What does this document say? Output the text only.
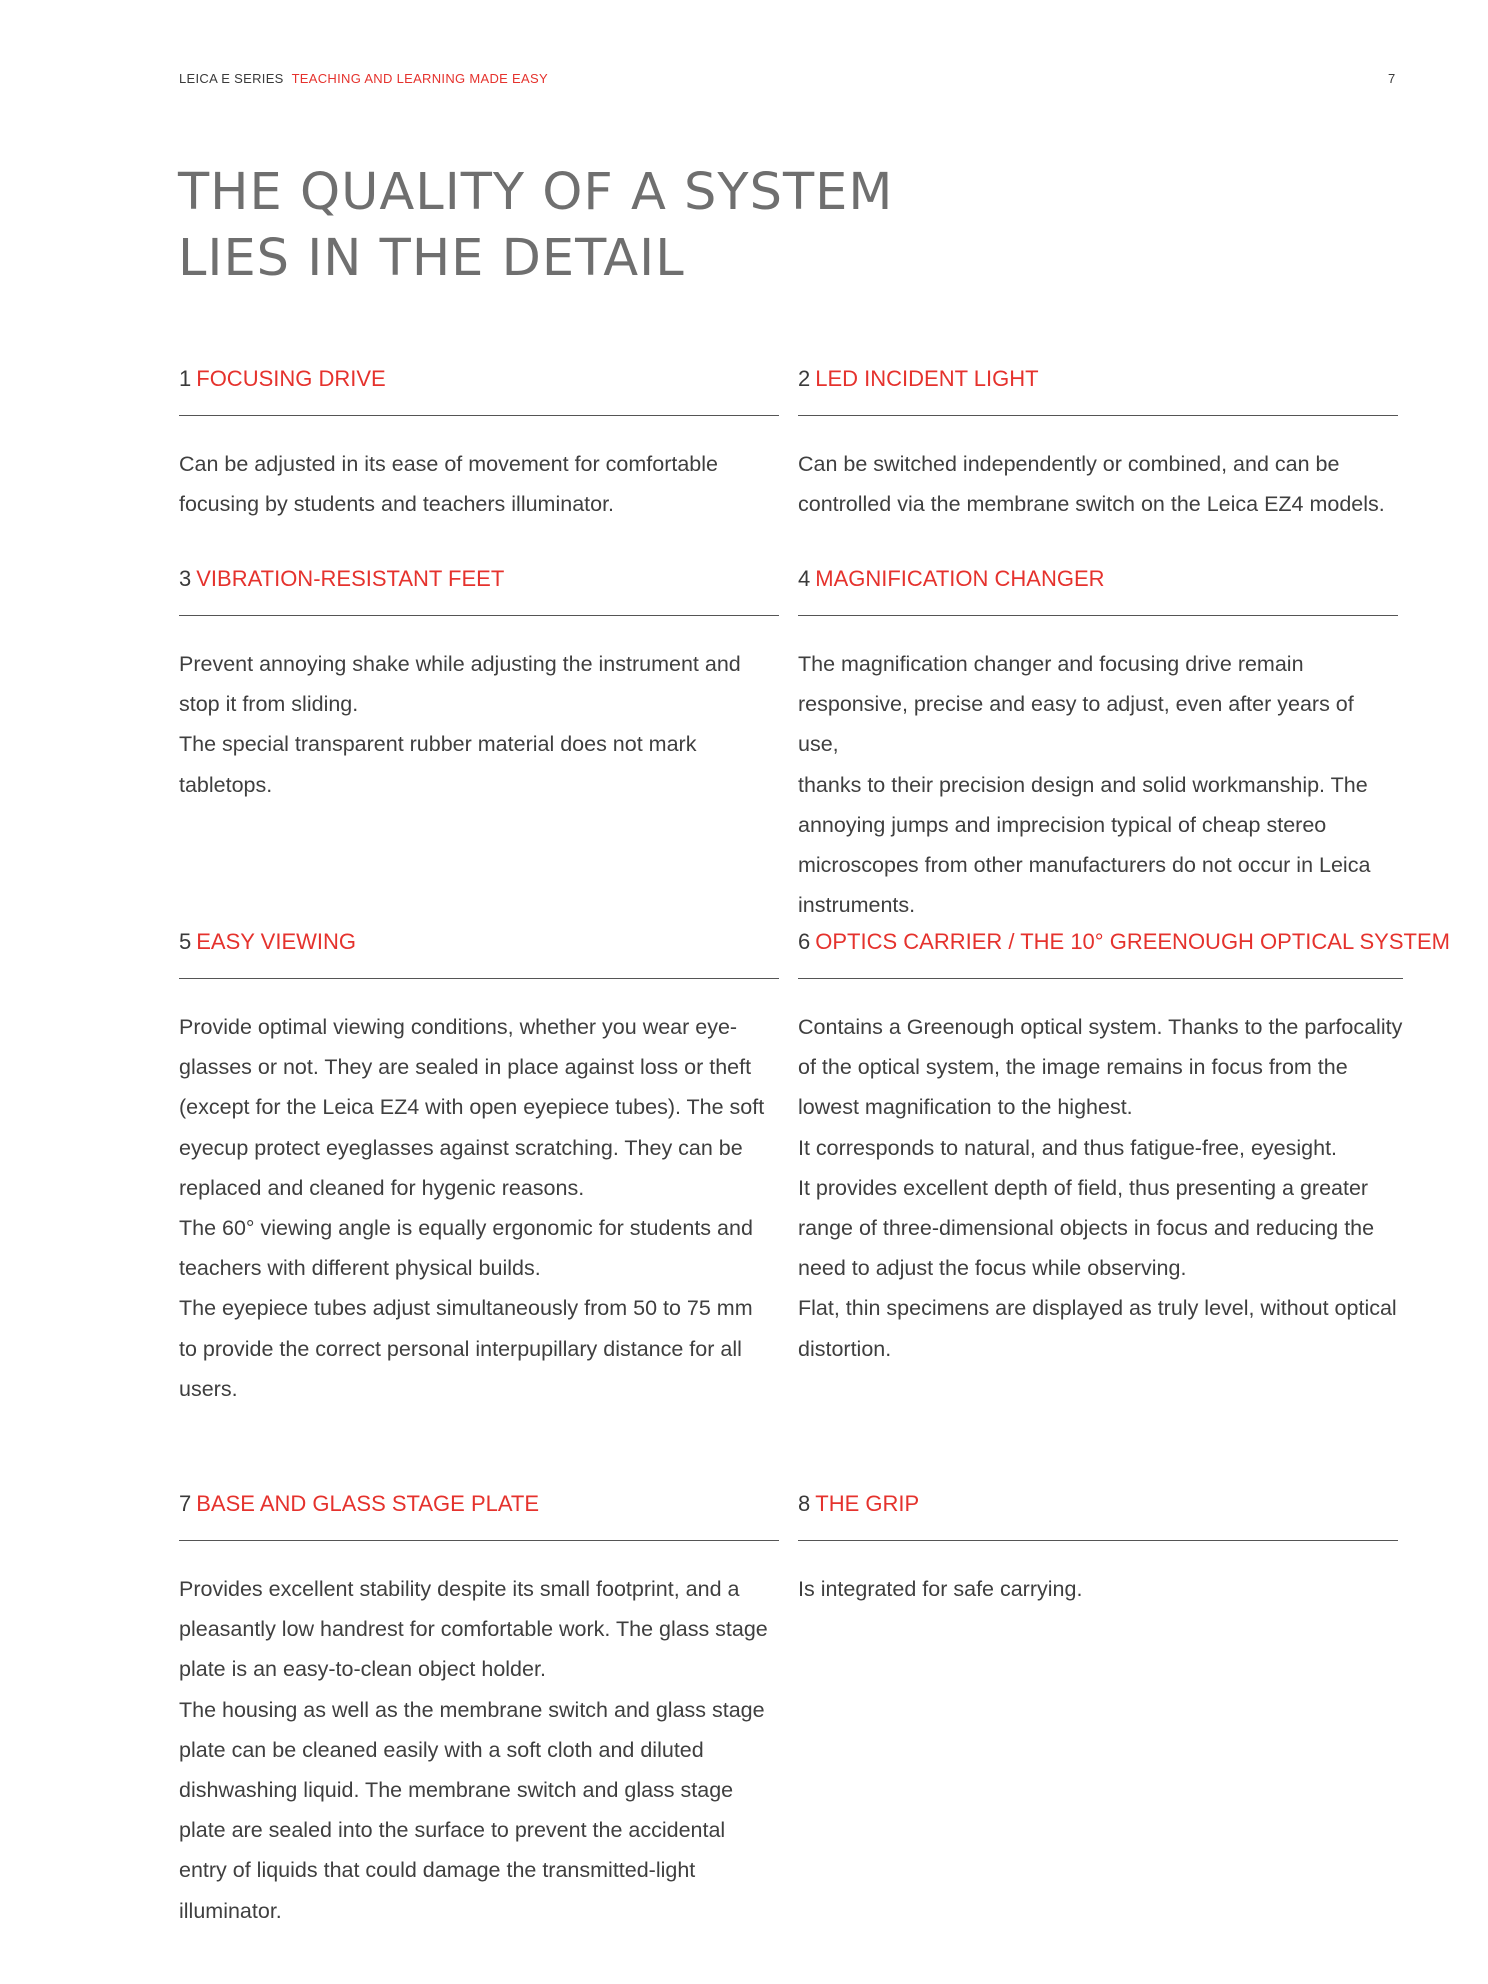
LEICA E SERIES TEACHING AND LEARNING MADE EASY	7
THE QUALITY OF A SYSTEM
LIES IN THE DETAIL
1 FOCUSING DRIVE

Can be adjusted in its ease of movement for comfortable

focusing by students and teachers illuminator.

2 LED INCIDENT LIGHT

Can be switched independently or combined, and can be

controlled via the membrane switch on the Leica EZ4 models.

3 VIBRATION-RESISTANT FEET

Prevent annoying shake while adjusting the instrument and

stop it from sliding.

The special transparent rubber material does not mark

tabletops.

4 MAGNIFICATION CHANGER

The magnification changer and focusing drive remain

responsive, precise and easy to adjust, even after years of use,

thanks to their precision design and solid workmanship. The

annoying jumps and imprecision typical of cheap stereo

microscopes from other manufacturers do not occur in Leica

instruments.

5 EASY VIEWING

Provide optimal viewing conditions, whether you wear eye-

glasses or not. They are sealed in place against loss or theft

(except for the Leica EZ4 with open eyepiece tubes). The soft

eyecup protect eyeglasses against scratching. They can be

replaced and cleaned for hygenic reasons.

The 60° viewing angle is equally ergonomic for students and

teachers with different physical builds.

The eyepiece tubes adjust simultaneously from 50 to 75 mm

to provide the correct personal interpupillary distance for all

users.

6 OPTICS CARRIER / THE 10° GREENOUGH OPTICAL SYSTEM

Contains a Greenough optical system. Thanks to the parfocality

of the optical system, the image remains in focus from the

lowest magnification to the highest.

It corresponds to natural, and thus fatigue-free, eyesight.

It provides excellent depth of field, thus presenting a greater

range of three-dimensional objects in focus and reducing the

need to adjust the focus while observing.

Flat, thin specimens are displayed as truly level, without optical

distortion.

7 BASE AND GLASS STAGE PLATE

Provides excellent stability despite its small footprint, and a

pleasantly low handrest for comfortable work. The glass stage

plate is an easy-to-clean object holder.

The housing as well as the membrane switch and glass stage

plate can be cleaned easily with a soft cloth and diluted

dishwashing liquid. The membrane switch and glass stage

plate are sealed into the surface to prevent the accidental

entry of liquids that could damage the transmitted-light

illuminator.

8 THE GRIP

Is integrated for safe carrying.
